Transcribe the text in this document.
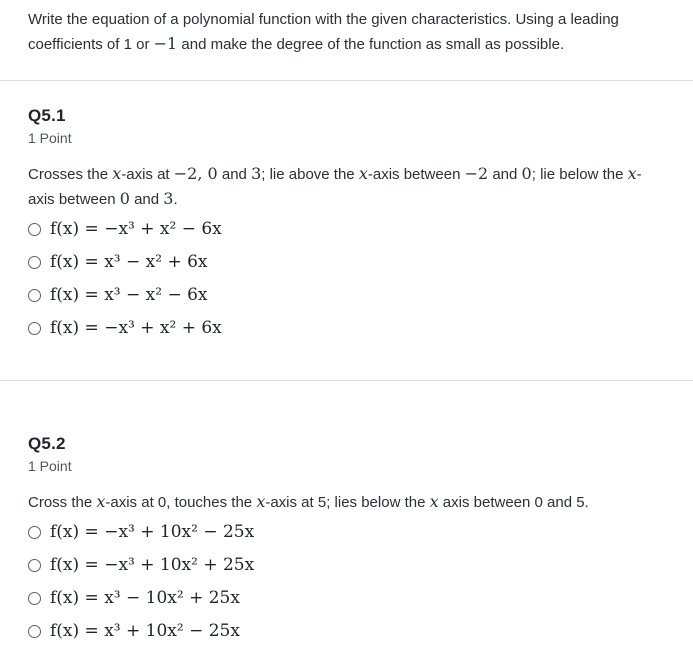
Write the equation of a polynomial function with the given characteristics. Using a leading coefficients of 1 or −1 and make the degree of the function as small as possible.
Q5.1
1 Point
Crosses the x-axis at −2, 0 and 3; lie above the x-axis between −2 and 0; lie below the x-axis between 0 and 3.
f(x) = −x³ + x² − 6x
f(x) = x³ − x² + 6x
f(x) = x³ − x² − 6x
f(x) = −x³ + x² + 6x
Q5.2
1 Point
Cross the x-axis at 0, touches the x-axis at 5; lies below the x axis between 0 and 5.
f(x) = −x³ + 10x² − 25x
f(x) = −x³ + 10x² + 25x
f(x) = x³ − 10x² + 25x
f(x) = x³ + 10x² − 25x
